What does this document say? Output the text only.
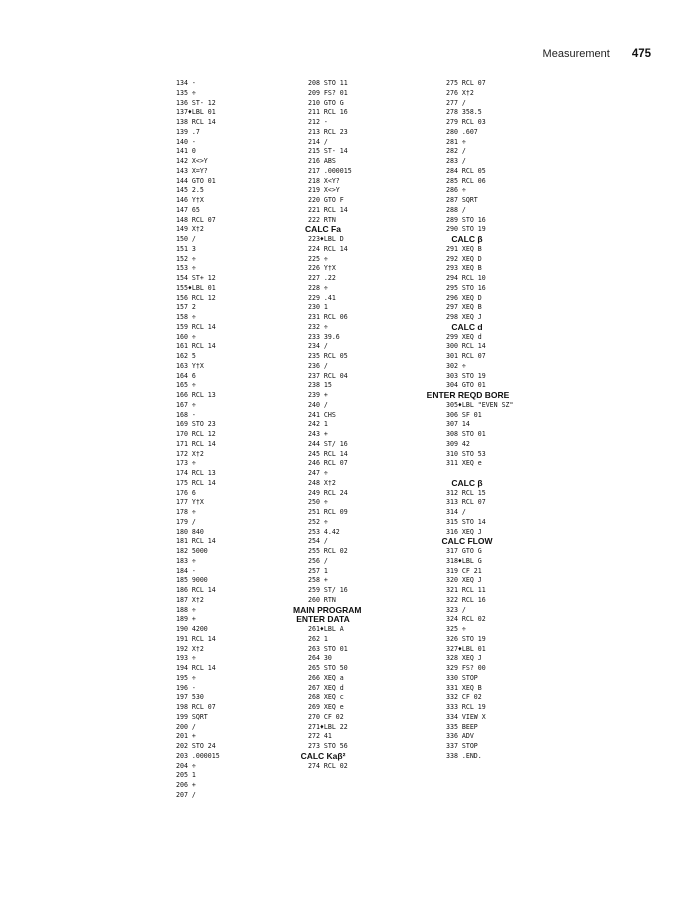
Measurement 475
134 -
135 ÷
136 ST- 12
137♦LBL 01
138 RCL 14
139 .7
140 -
141 0
142 X<>Y
143 X=Y?
144 GTO 01
145 2.5
146 Y†X
147 65
148 RCL 07
149 X†2
150 /
151 3
152 ÷
153 ÷
154 ST+ 12
155♦LBL 01
156 RCL 12
157 2
158 ÷
159 RCL 14
160 ÷
161 RCL 14
162 5
163 Y†X
164 6
165 ÷
166 RCL 13
167 ÷
168 -
169 STO 23
170 RCL 12
171 RCL 14
172 X†2
173 ÷
174 RCL 13
175 RCL 14
176 6
177 Y†X
178 ÷
179 /
180 840
181 RCL 14
182 5000
183 ÷
184 -
185 9000
186 RCL 14
187 X†2
188 ÷
189 +
190 4200
191 RCL 14
192 X†2
193 ÷
194 RCL 14
195 ÷
196 -
197 530
198 RCL 07
199 SQRT
200 /
201 +
202 STO 24
203 .000015
204 ÷
205 1
206 +
207 /
208 STO 11
209 FS? 01
210 GTO G
211 RCL 16
212 -
213 RCL 23
214 /
215 ST- 14
216 ABS
217 .000015
218 X<Y?
219 X<>Y
220 GTO F
221 RCL 14
222 RTN
CALC Fa
223♦LBL D
224 RCL 14
225 ÷
226 Y†X
227 .22
228 ÷
229 .41
230 1
231 RCL 06
232 ÷
233 39.6
234 /
235 RCL 05
236 /
237 RCL 04
238 15
239 +
240 /
241 CHS
242 1
243 +
244 ST/ 16
245 RCL 14
246 RCL 07
247 ÷
248 X†2
249 RCL 24
250 ÷
251 RCL 09
252 ÷
253 4.42
254 /
255 RCL 02
256 /
257 1
258 +
259 ST/ 16
260 RTN
MAIN PROGRAM
ENTER DATA
261♦LBL A
262 1
263 STO 01
264 30
265 STO 50
266 XEQ a
267 XEQ d
268 XEQ c
269 XEQ e
270 CF 02
271♦LBL 22
272 41
273 STO 56
CALC Kaβ²
274 RCL 02
275 RCL 07
276 X†2
277 /
278 358.5
279 RCL 03
280 .607
281 ÷
282 /
283 /
284 RCL 05
285 RCL 06
286 ÷
287 SQRT
288 /
289 STO 16
290 STO 19
CALC β
291 XEQ B
292 XEQ D
293 XEQ B
294 RCL 10
295 STO 16
296 XEQ D
297 XEQ B
298 XEQ J
CALC d
299 XEQ d
300 RCL 14
301 RCL 07
302 ÷
303 STO 19
304 GTO 01
ENTER REQD BORE
305♦LBL "EVEN SZ"
306 SF 01
307 14
308 STO 01
309 42
310 STO 53
311 XEQ e
CALC β
312 RCL 15
313 RCL 07
314 /
315 STO 14
316 XEQ J
CALC FLOW
317 GTO G
318♦LBL G
319 CF 21
320 XEQ J
321 RCL 11
322 RCL 16
323 /
324 RCL 02
325 ÷
326 STO 19
327♦LBL 01
328 XEQ J
329 FS? 00
330 STOP
331 XEQ B
332 CF 02
333 RCL 19
334 VIEW X
335 BEEP
336 ADV
337 STOP
338 .END.
